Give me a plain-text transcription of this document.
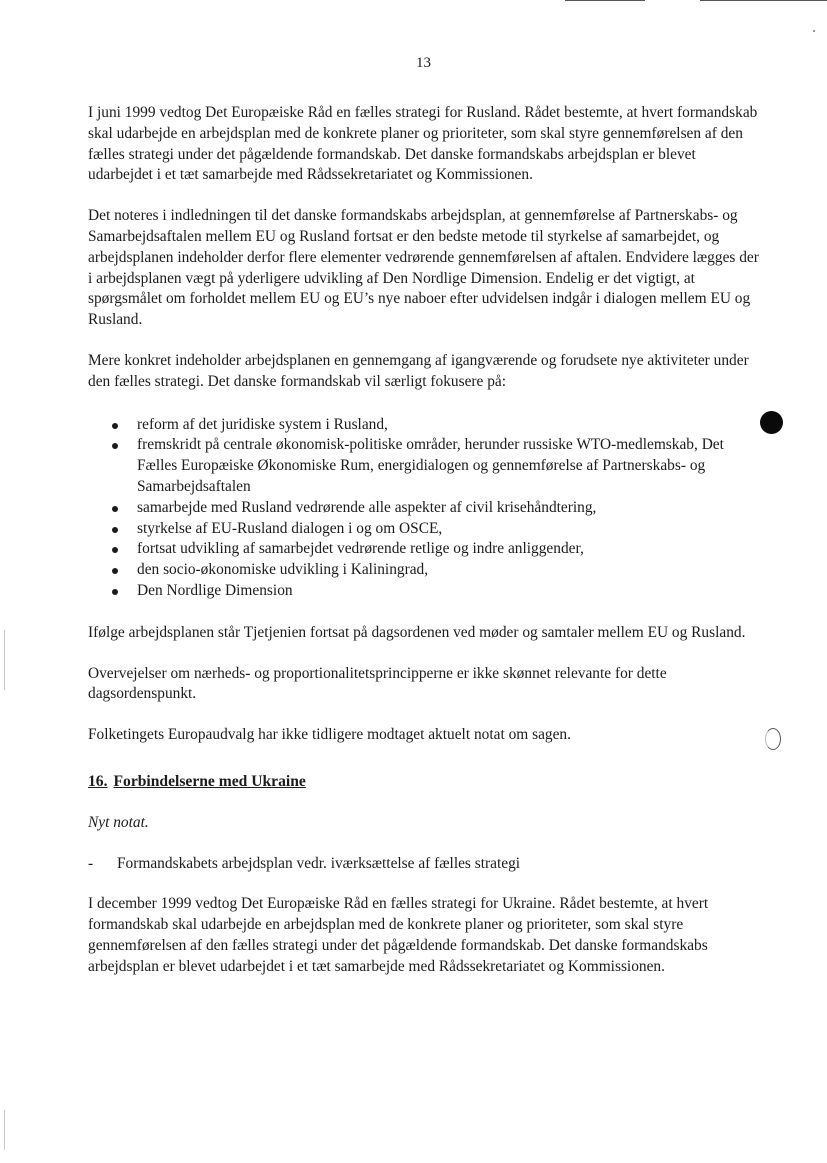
13

I juni 1999 vedtog Det Europæiske Råd en fælles strategi for Rusland. Rådet bestemte, at hvert formandskab skal udarbejde en arbejdsplan med de konkrete planer og prioriteter, som skal styre gennemførelsen af den fælles strategi under det pågældende formandskab. Det danske formandskabs arbejdsplan er blevet udarbejdet i et tæt samarbejde med Rådssekretariatet og Kommissionen.

Det noteres i indledningen til det danske formandskabs arbejdsplan, at gennemførelse af Partnerskabs- og Samarbejdsaftalen mellem EU og Rusland fortsat er den bedste metode til styrkelse af samarbejdet, og arbejdsplanen indeholder derfor flere elementer vedrørende gennemførelsen af aftalen. Endvidere lægges der i arbejdsplanen vægt på yderligere udvikling af Den Nordlige Dimension. Endelig er det vigtigt, at spørgsmålet om forholdet mellem EU og EU’s nye naboer efter udvidelsen indgår i dialogen mellem EU og Rusland.

Mere konkret indeholder arbejdsplanen en gennemgang af igangværende og forudsete nye aktiviteter under den fælles strategi. Det danske formandskab vil særligt fokusere på:

reform af det juridiske system i Rusland,
fremskridt på centrale økonomisk-politiske områder, herunder russiske WTO-medlemskab, Det Fælles Europæiske Økonomiske Rum, energidialogen og gennemførelse af Partnerskabs- og Samarbejdsaftalen
samarbejde med Rusland vedrørende alle aspekter af civil krisehåndtering,
styrkelse af EU-Rusland dialogen i og om OSCE,
fortsat udvikling af samarbejdet vedrørende retlige og indre anliggender,
den socio-økonomiske udvikling i Kaliningrad,
Den Nordlige Dimension

Ifølge arbejdsplanen står Tjetjenien fortsat på dagsordenen ved møder og samtaler mellem EU og Rusland.

Overvejelser om nærheds- og proportionalitetsprincipperne er ikke skønnet relevante for dette dagsordenspunkt.

Folketingets Europaudvalg har ikke tidligere modtaget aktuelt notat om sagen.

16. Forbindelserne med Ukraine
Nyt notat.
- Formandskabets arbejdsplan vedr. iværksættelse af fælles strategi

I december 1999 vedtog Det Europæiske Råd en fælles strategi for Ukraine. Rådet bestemte, at hvert formandskab skal udarbejde en arbejdsplan med de konkrete planer og prioriteter, som skal styre gennemførelsen af den fælles strategi under det pågældende formandskab. Det danske formandskabs arbejdsplan er blevet udarbejdet i et tæt samarbejde med Rådssekretariatet og Kommissionen.
